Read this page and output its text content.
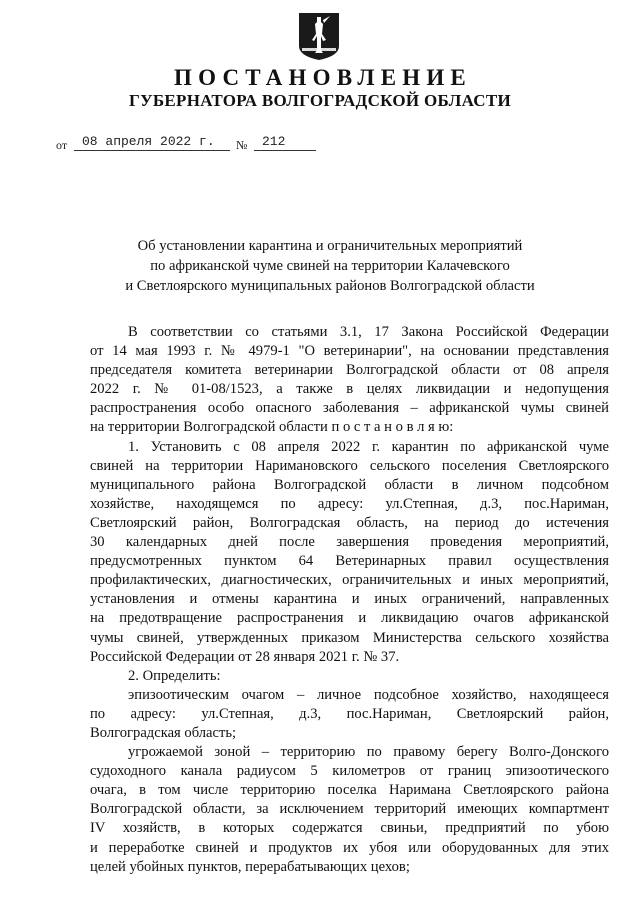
ПОСТАНОВЛЕНИЕ
ГУБЕРНАТОРА ВОЛГОГРАДСКОЙ ОБЛАСТИ
от 08 апреля 2022 г. № 212
Об установлении карантина и ограничительных мероприятий
по африканской чуме свиней на территории Калачевского
и Светлоярского муниципальных районов Волгоградской области
В соответствии со статьями 3.1, 17 Закона Российской Федерации
от 14 мая 1993 г. № 4979-1 "О ветеринарии", на основании представления
председателя комитета ветеринарии Волгоградской области от 08 апреля
2022 г. № 01-08/1523, а также в целях ликвидации и недопущения
распространения особо опасного заболевания – африканской чумы свиней
на территории Волгоградской области п о с т а н о в л я ю:
1. Установить с 08 апреля 2022 г. карантин по африканской чуме
свиней на территории Наримановского сельского поселения Светлоярского
муниципального района Волгоградской области в личном подсобном
хозяйстве, находящемся по адресу: ул.Степная, д.3, пос.Нариман,
Светлоярский район, Волгоградская область, на период до истечения
30 календарных дней после завершения проведения мероприятий,
предусмотренных пунктом 64 Ветеринарных правил осуществления
профилактических, диагностических, ограничительных и иных мероприятий,
установления и отмены карантина и иных ограничений, направленных
на предотвращение распространения и ликвидацию очагов африканской
чумы свиней, утвержденных приказом Министерства сельского хозяйства
Российской Федерации от 28 января 2021 г. № 37.
2. Определить:
эпизоотическим очагом – личное подсобное хозяйство, находящееся
по адресу: ул.Степная, д.3, пос.Нариман, Светлоярский район,
Волгоградская область;
угрожаемой зоной – территорию по правому берегу Волго-Донского
судоходного канала радиусом 5 километров от границ эпизоотического
очага, в том числе территорию поселка Наримана Светлоярского района
Волгоградской области, за исключением территорий имеющих компартмент
IV хозяйств, в которых содержатся свиньи, предприятий по убою
и переработке свиней и продуктов их убоя или оборудованных для этих
целей убойных пунктов, перерабатывающих цехов;
